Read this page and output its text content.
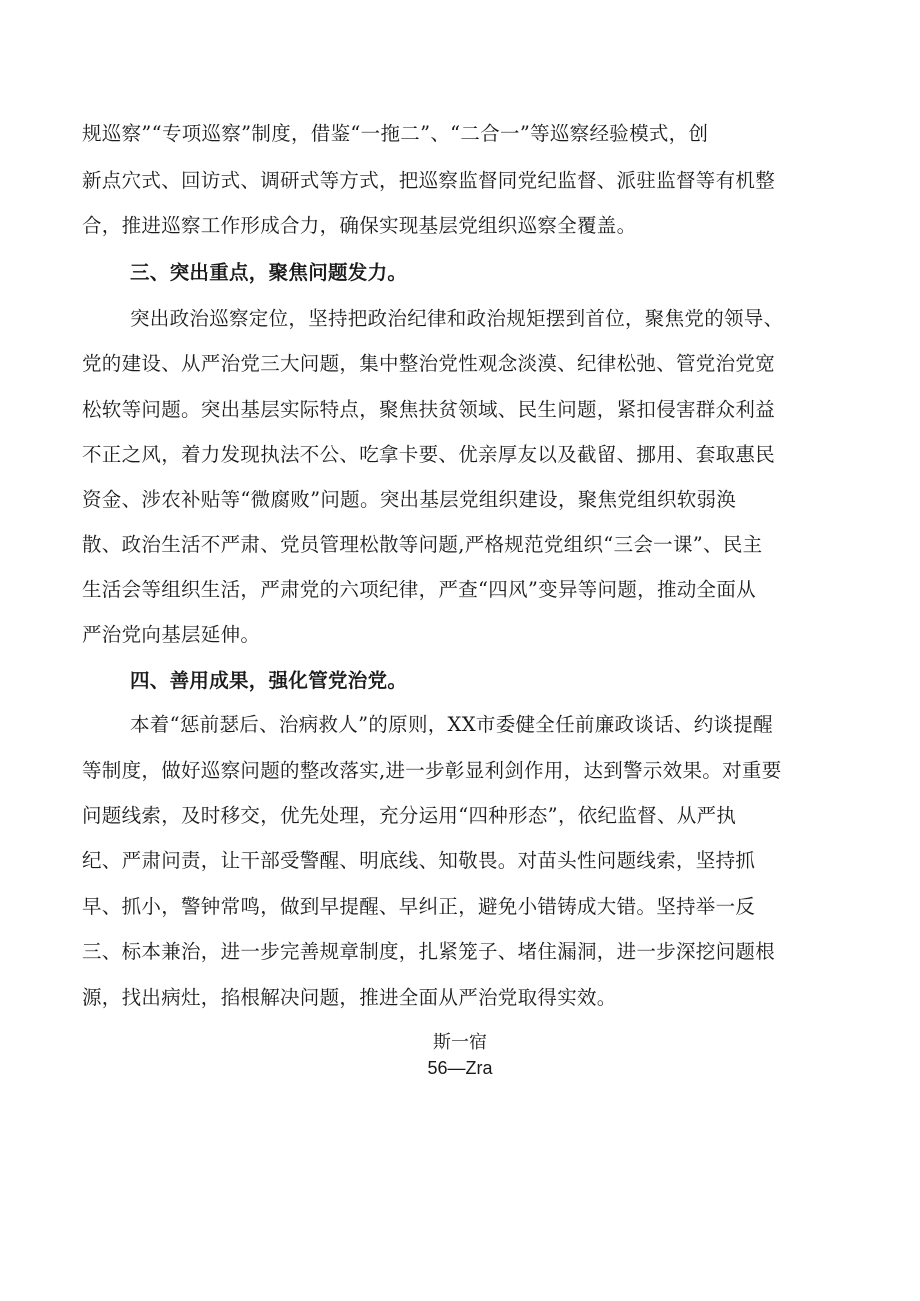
规巡察”“专项巡察”制度，借鉴“一拖二”、“二合一”等巡察经验模式，创
新点穴式、回访式、调研式等方式，把巡察监督同党纪监督、派驻监督等有机整
合，推进巡察工作形成合力，确保实现基层党组织巡察全覆盖。
三、突出重点，聚焦问题发力。
突出政治巡察定位，坚持把政治纪律和政治规矩摆到首位，聚焦党的领导、
党的建设、从严治党三大问题，集中整治党性观念淡漠、纪律松弛、管党治党宽
松软等问题。突出基层实际特点，聚焦扶贫领域、民生问题，紧扣侵害群众利益
不正之风，着力发现执法不公、吃拿卡要、优亲厚友以及截留、挪用、套取惠民
资金、涉农补贴等“微腐败”问题。突出基层党组织建设，聚焦党组织软弱涣
散、政治生活不严肃、党员管理松散等问题,严格规范党组织“三会一课”、民主
生活会等组织生活，严肃党的六项纪律，严查“四风”变异等问题，推动全面从
严治党向基层延伸。
四、善用成果，强化管党治党。
本着“惩前瑟后、治病救人”的原则，XX市委健全任前廉政谈话、约谈提醒
等制度，做好巡察问题的整改落实,进一步彰显利剑作用，达到警示效果。对重要
问题线索，及时移交，优先处理，充分运用“四种形态”，依纪监督、从严执
纪、严肃问责，让干部受警醒、明底线、知敬畏。对苗头性问题线索，坚持抓
早、抓小，警钟常鸣，做到早提醒、早纠正，避免小错铸成大错。坚持举一反
三、标本兼治，进一步完善规章制度，扎紧笼子、堵住漏洞，进一步深挖问题根
源，找出病灶，掐根解决问题，推进全面从严治党取得实效。
斯一宿
56—Zra
